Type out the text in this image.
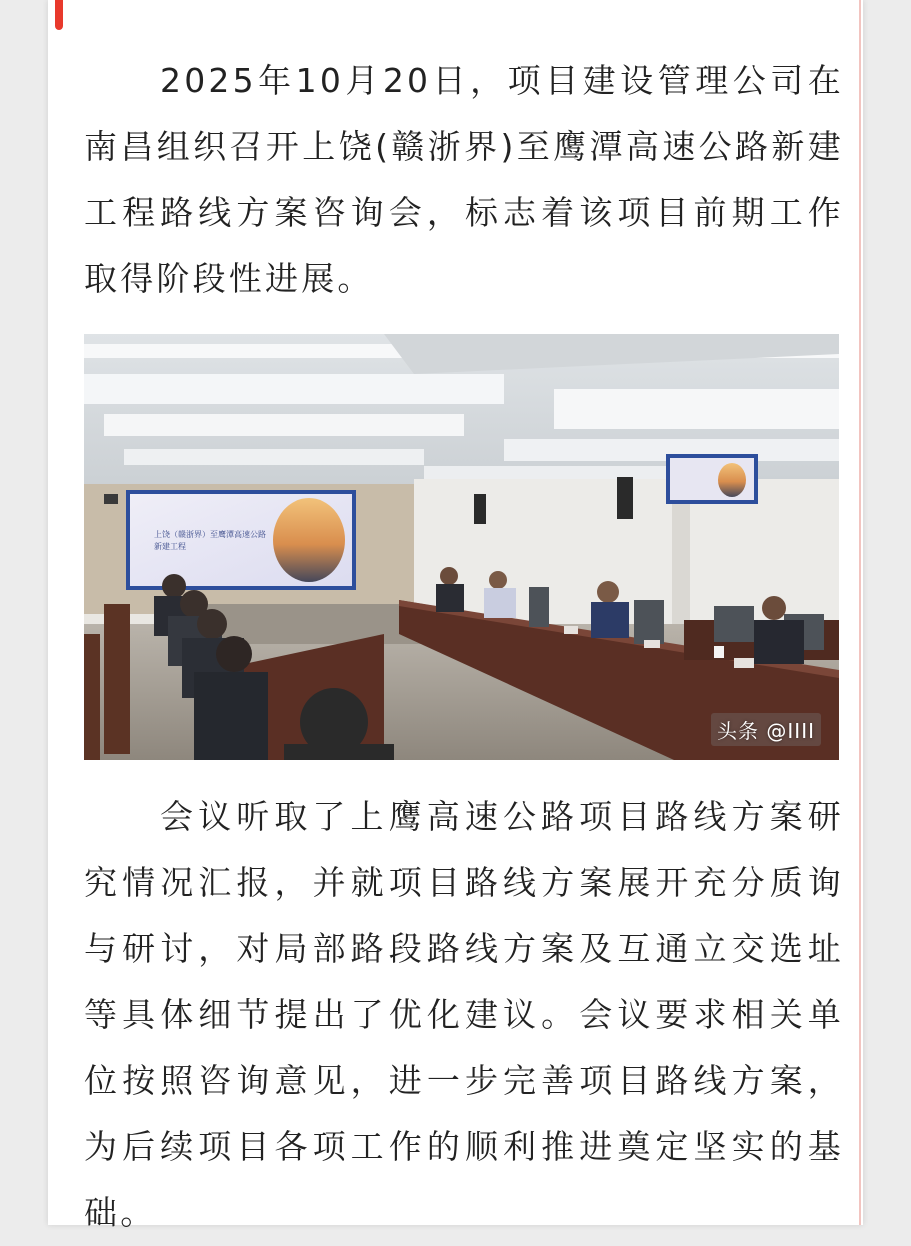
2025年10月20日，项目建设管理公司在南昌组织召开上饶(赣浙界)至鹰潭高速公路新建工程路线方案咨询会，标志着该项目前期工作取得阶段性进展。

上饶（赣浙界）至鹰潭高速公路
新建工程
头条 @IIII

会议听取了上鹰高速公路项目路线方案研究情况汇报，并就项目路线方案展开充分质询与研讨，对局部路段路线方案及互通立交选址等具体细节提出了优化建议。会议要求相关单位按照咨询意见，进一步完善项目路线方案，为后续项目各项工作的顺利推进奠定坚实的基础。
